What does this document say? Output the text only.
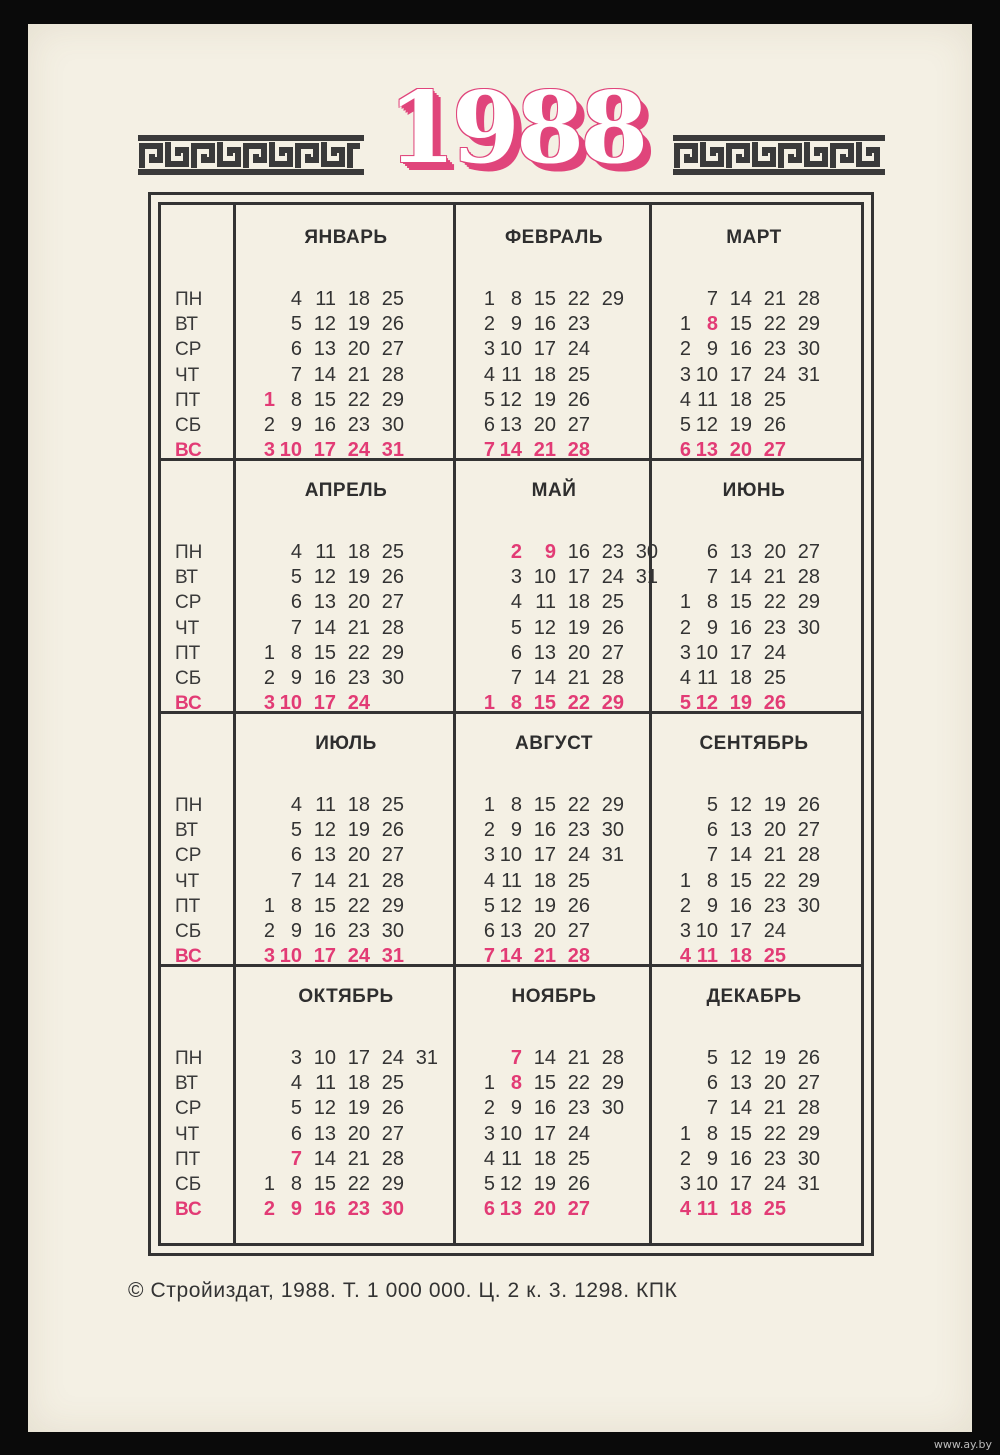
1988
ПН
ВТ
СР
ЧТ
ПТ
СБ
ВС
ЯНВАРЬ
4 11 18 25
5 12 19 26
6 13 20 27
7 14 21 28
1 8 15 22 29
2 9 16 23 30
3 10 17 24 31
ФЕВРАЛЬ
1 8 15 22 29
2 9 16 23
3 10 17 24
4 11 18 25
5 12 19 26
6 13 20 27
7 14 21 28
МАРТ
7 14 21 28
1 8 15 22 29
2 9 16 23 30
3 10 17 24 31
4 11 18 25
5 12 19 26
6 13 20 27
ПН
ВТ
СР
ЧТ
ПТ
СБ
ВС
АПРЕЛЬ
4 11 18 25
5 12 19 26
6 13 20 27
7 14 21 28
1 8 15 22 29
2 9 16 23 30
3 10 17 24
МАЙ
2 9 16 23 30
3 10 17 24 31
4 11 18 25
5 12 19 26
6 13 20 27
7 14 21 28
1 8 15 22 29
ИЮНЬ
6 13 20 27
7 14 21 28
1 8 15 22 29
2 9 16 23 30
3 10 17 24
4 11 18 25
5 12 19 26
ПН
ВТ
СР
ЧТ
ПТ
СБ
ВС
ИЮЛЬ
4 11 18 25
5 12 19 26
6 13 20 27
7 14 21 28
1 8 15 22 29
2 9 16 23 30
3 10 17 24 31
АВГУСТ
1 8 15 22 29
2 9 16 23 30
3 10 17 24 31
4 11 18 25
5 12 19 26
6 13 20 27
7 14 21 28
СЕНТЯБРЬ
5 12 19 26
6 13 20 27
7 14 21 28
1 8 15 22 29
2 9 16 23 30
3 10 17 24
4 11 18 25
ПН
ВТ
СР
ЧТ
ПТ
СБ
ВС
ОКТЯБРЬ
3 10 17 24 31
4 11 18 25
5 12 19 26
6 13 20 27
7 14 21 28
1 8 15 22 29
2 9 16 23 30
НОЯБРЬ
7 14 21 28
1 8 15 22 29
2 9 16 23 30
3 10 17 24
4 11 18 25
5 12 19 26
6 13 20 27
ДЕКАБРЬ
5 12 19 26
6 13 20 27
7 14 21 28
1 8 15 22 29
2 9 16 23 30
3 10 17 24 31
4 11 18 25
© Стройиздат, 1988. Т. 1 000 000. Ц. 2 к. 3. 1298. КПК
www.ay.by
